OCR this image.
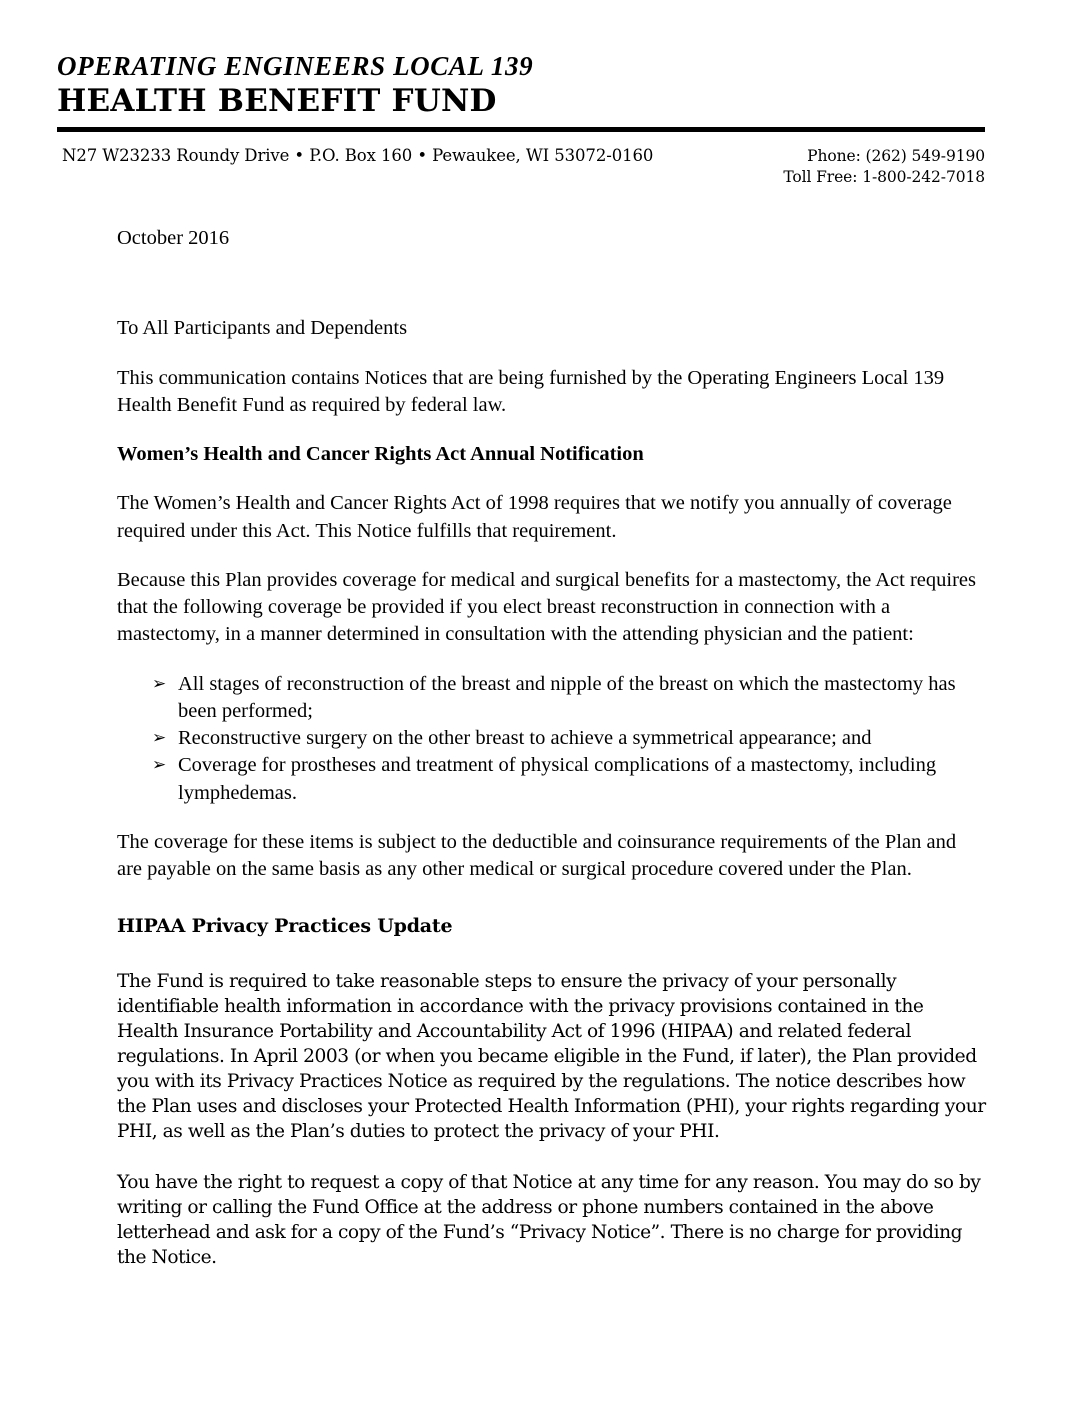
OPERATING ENGINEERS LOCAL 139
HEALTH BENEFIT FUND
N27 W23233 Roundy Drive • P.O. Box 160 • Pewaukee, WI 53072-0160	Phone: (262) 549-9190
Toll Free: 1-800-242-7018

October 2016

To All Participants and Dependents

This communication contains Notices that are being furnished by the Operating Engineers Local 139 Health Benefit Fund as required by federal law.

Women’s Health and Cancer Rights Act Annual Notification

The Women’s Health and Cancer Rights Act of 1998 requires that we notify you annually of coverage required under this Act. This Notice fulfills that requirement.

Because this Plan provides coverage for medical and surgical benefits for a mastectomy, the Act requires that the following coverage be provided if you elect breast reconstruction in connection with a mastectomy, in a manner determined in consultation with the attending physician and the patient:

➢ All stages of reconstruction of the breast and nipple of the breast on which the mastectomy has been performed;
➢ Reconstructive surgery on the other breast to achieve a symmetrical appearance; and
➢ Coverage for prostheses and treatment of physical complications of a mastectomy, including lymphedemas.

The coverage for these items is subject to the deductible and coinsurance requirements of the Plan and are payable on the same basis as any other medical or surgical procedure covered under the Plan.

HIPAA Privacy Practices Update

The Fund is required to take reasonable steps to ensure the privacy of your personally identifiable health information in accordance with the privacy provisions contained in the Health Insurance Portability and Accountability Act of 1996 (HIPAA) and related federal regulations. In April 2003 (or when you became eligible in the Fund, if later), the Plan provided you with its Privacy Practices Notice as required by the regulations. The notice describes how the Plan uses and discloses your Protected Health Information (PHI), your rights regarding your PHI, as well as the Plan’s duties to protect the privacy of your PHI.

You have the right to request a copy of that Notice at any time for any reason. You may do so by writing or calling the Fund Office at the address or phone numbers contained in the above letterhead and ask for a copy of the Fund’s “Privacy Notice”. There is no charge for providing the Notice.
